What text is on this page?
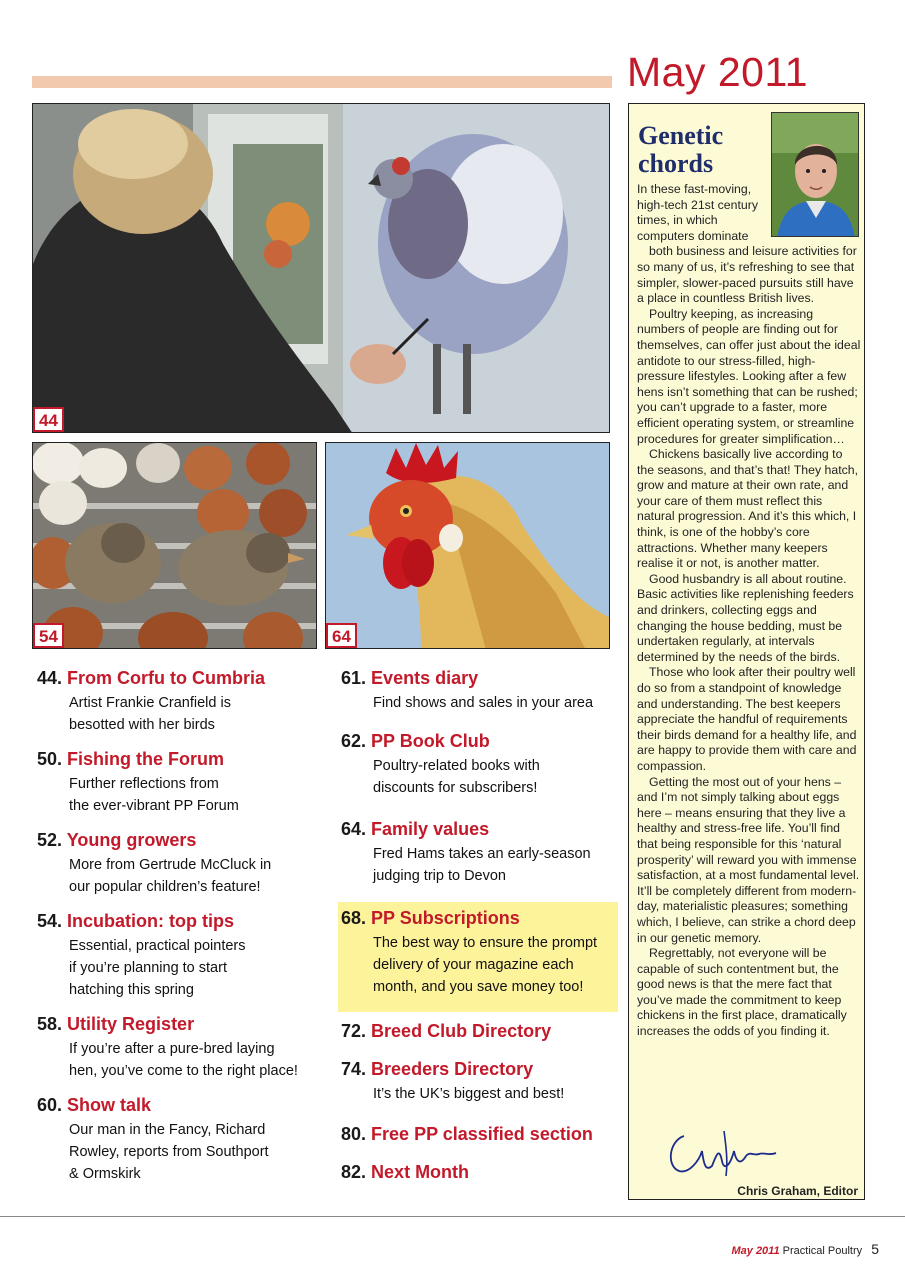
May 2011
44
54	64
44. From Corfu to Cumbria
Artist Frankie Cranfield is
besotted with her birds
50. Fishing the Forum
Further reflections from
the ever-vibrant PP Forum
52. Young growers
More from Gertrude McCluck in
our popular children’s feature!
54. Incubation: top tips
Essential, practical pointers
if you’re planning to start
hatching this spring
58. Utility Register
If you’re after a pure-bred laying
hen, you’ve come to the right place!
60. Show talk
Our man in the Fancy, Richard
Rowley, reports from Southport
& Ormskirk
61. Events diary
Find shows and sales in your area
62. PP Book Club
Poultry-related books with
discounts for subscribers!
64. Family values
Fred Hams takes an early-season
judging trip to Devon
68. PP Subscriptions
The best way to ensure the prompt
delivery of your magazine each
month, and you save money too!
72. Breed Club Directory
74. Breeders Directory
It’s the UK’s biggest and best!
80. Free PP classified section
82. Next Month
Genetic chords
In these fast-moving,
high-tech 21st century
times, in which
computers dominate

both business and leisure activities for so many of us, it’s refreshing to see that simpler, slower-paced pursuits still have a place in countless British lives.

Poultry keeping, as increasing numbers of people are finding out for themselves, can offer just about the ideal antidote to our stress-filled, high-pressure lifestyles. Looking after a few hens isn’t something that can be rushed; you can’t upgrade to a faster, more efficient operating system, or streamline procedures for greater simplification…

Chickens basically live according to the seasons, and that’s that! They hatch, grow and mature at their own rate, and your care of them must reflect this natural progression. And it’s this which, I think, is one of the hobby’s core attractions. Whether many keepers realise it or not, is another matter.

Good husbandry is all about routine. Basic activities like replenishing feeders and drinkers, collecting eggs and changing the house bedding, must be undertaken regularly, at intervals determined by the needs of the birds.

Those who look after their poultry well do so from a standpoint of knowledge and understanding. The best keepers appreciate the handful of requirements their birds demand for a healthy life, and are happy to provide them with care and compassion.

Getting the most out of your hens – and I’m not simply talking about eggs here – means ensuring that they live a healthy and stress-free life. You’ll find that being responsible for this ‘natural prosperity’ will reward you with immense satisfaction, at a most fundamental level. It’ll be completely different from modern-day, materialistic pleasures; something which, I believe, can strike a chord deep in our genetic memory.

Regrettably, not everyone will be capable of such contentment but, the good news is that the mere fact that you’ve made the commitment to keep chickens in the first place, dramatically increases the odds of you finding it.

Chris Graham, Editor
May 2011 Practical Poultry 5
